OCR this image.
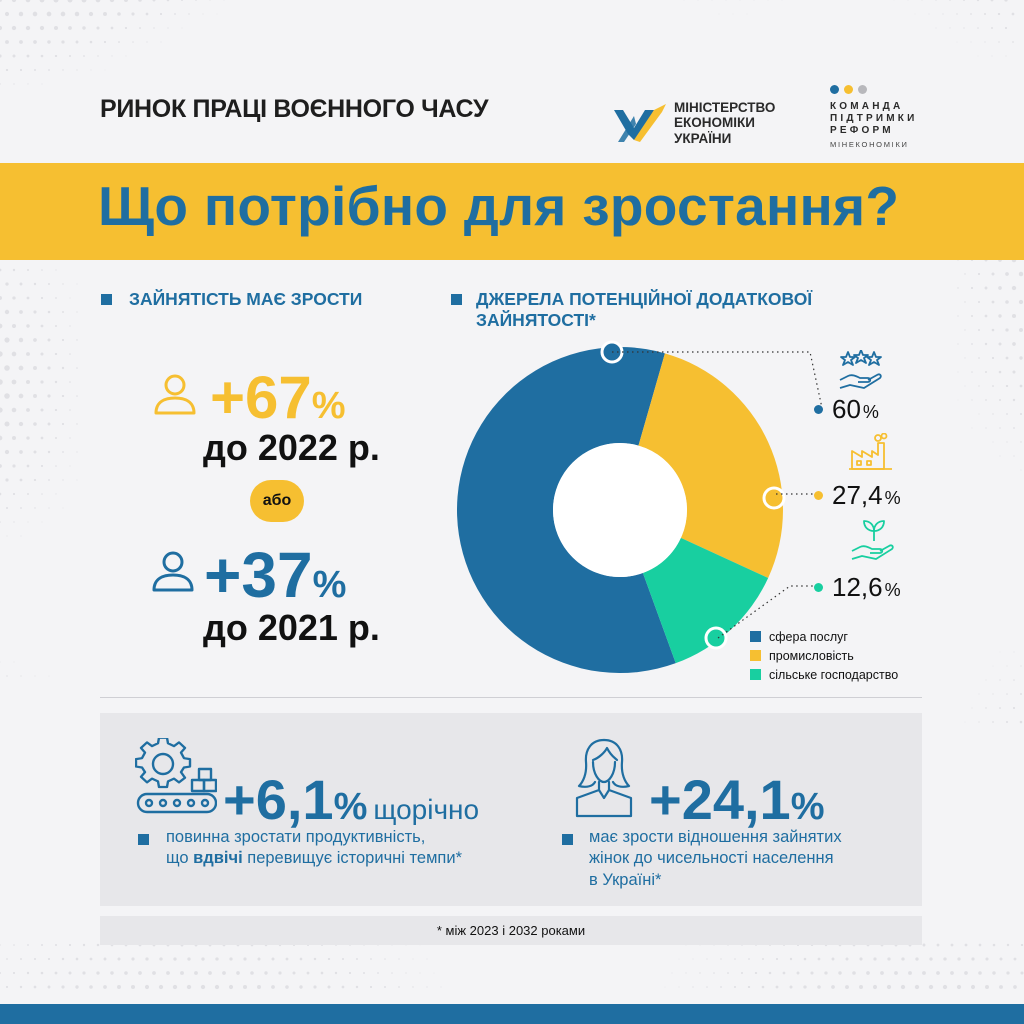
РИНОК ПРАЦІ ВОЄННОГО ЧАСУ	МІНІСТЕРСТВО
ЕКОНОМІКИ
УКРАЇНИ
КОМАНДА
ПІДТРИМКИ
РЕФОРМ
МІНЕКОНОМІКИ
Що потрібно для зростання?
ЗАЙНЯТІСТЬ МАЄ ЗРОСТИ	ДЖЕРЕЛА ПОТЕНЦІЙНОЇ ДОДАТКОВОЇ ЗАЙНЯТОСТІ*
+67%
до 2022 р.
або
+37%
до 2021 р.
60 %
27,4 %
12,6 %
сфера послуг
промисловість
сільське господарство
+6,1% щорічно
повинна зростати продуктивність,
що вдвічі перевищує історичні темпи*
+24,1%
має зрости відношення зайнятих
жінок до чисельності населення
в Україні*
* між 2023 і 2032 роками
